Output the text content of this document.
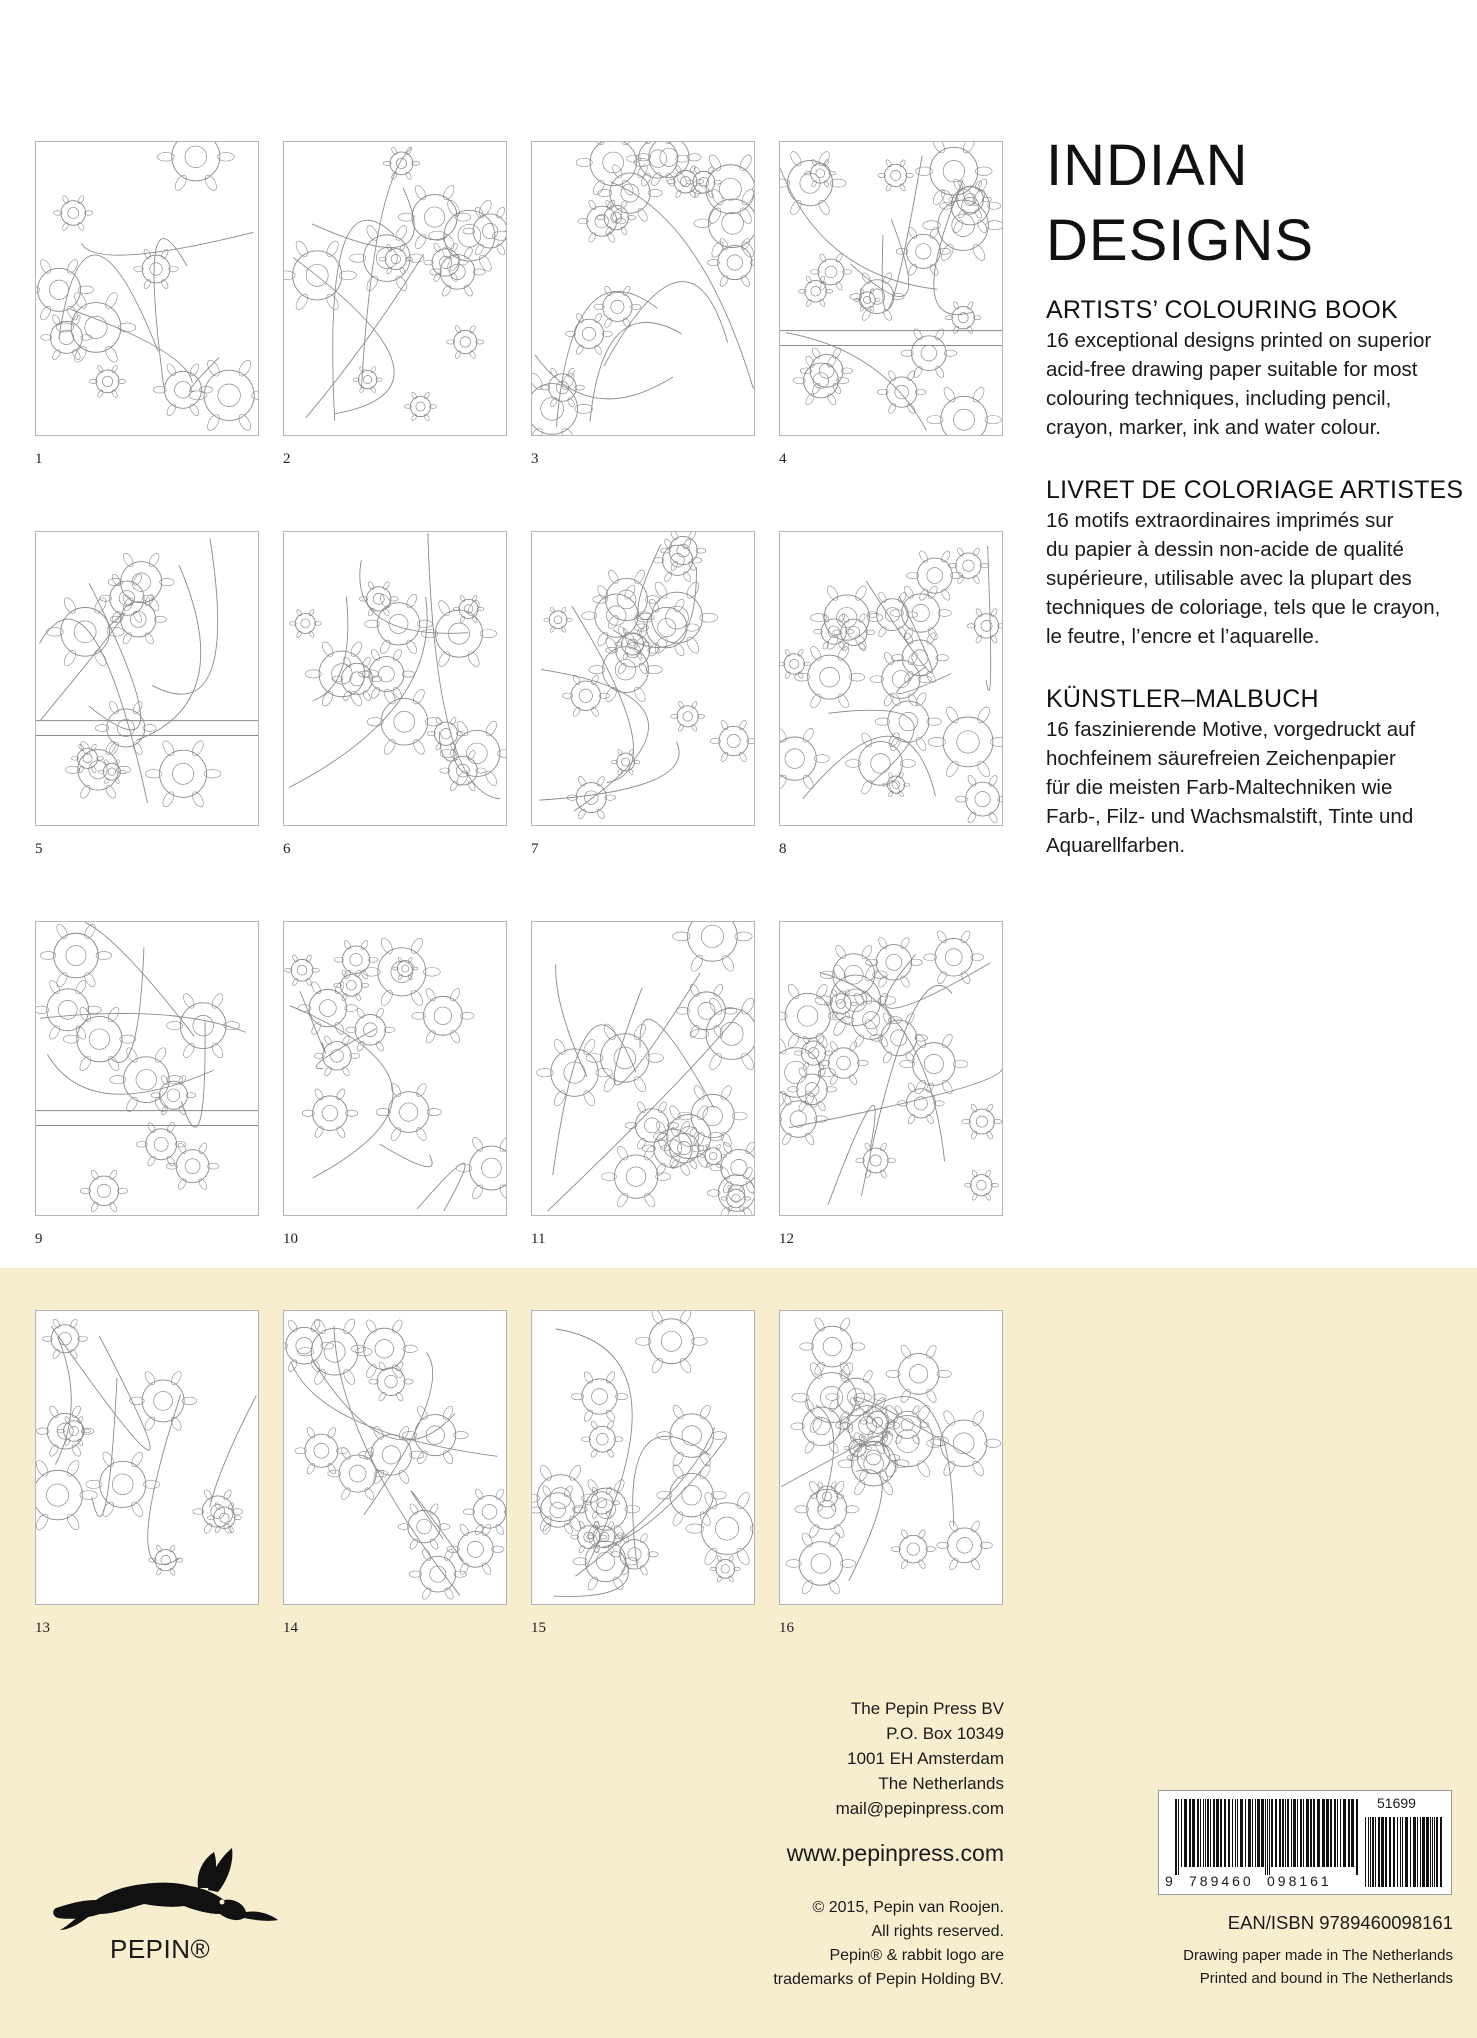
1	2	3	4
5	6	7	8
9	10	11	12
13	14	15	16
INDIAN
DESIGNS
ARTISTS’ COLOURING BOOK

16 exceptional designs printed on superior

acid-free drawing paper suitable for most

colouring techniques, including pencil,

crayon, marker, ink and water colour.

LIVRET DE COLORIAGE ARTISTES

16 motifs extraordinaires imprimés sur

du papier à dessin non-acide de qualité

supérieure, utilisable avec la plupart des

techniques de coloriage, tels que le crayon,

le feutre, l’encre et l’aquarelle.

KÜNSTLER–MALBUCH

16 faszinierende Motive, vorgedruckt auf

hochfeinem säurefreien Zeichenpapier

für die meisten Farb-Maltechniken wie

Farb-, Filz- und Wachsmalstift, Tinte und

Aquarellfarben.

The Pepin Press BV
P.O. Box 10349
1001 EH Amsterdam
The Netherlands
mail@pepinpress.com
www.pepinpress.com
© 2015, Pepin van Roojen.
All rights reserved.
Pepin® & rabbit logo are
trademarks of Pepin Holding BV.
PEPIN®
51699
9 789460 098161
EAN/ISBN 9789460098161
Drawing paper made in The Netherlands
Printed and bound in The Netherlands
